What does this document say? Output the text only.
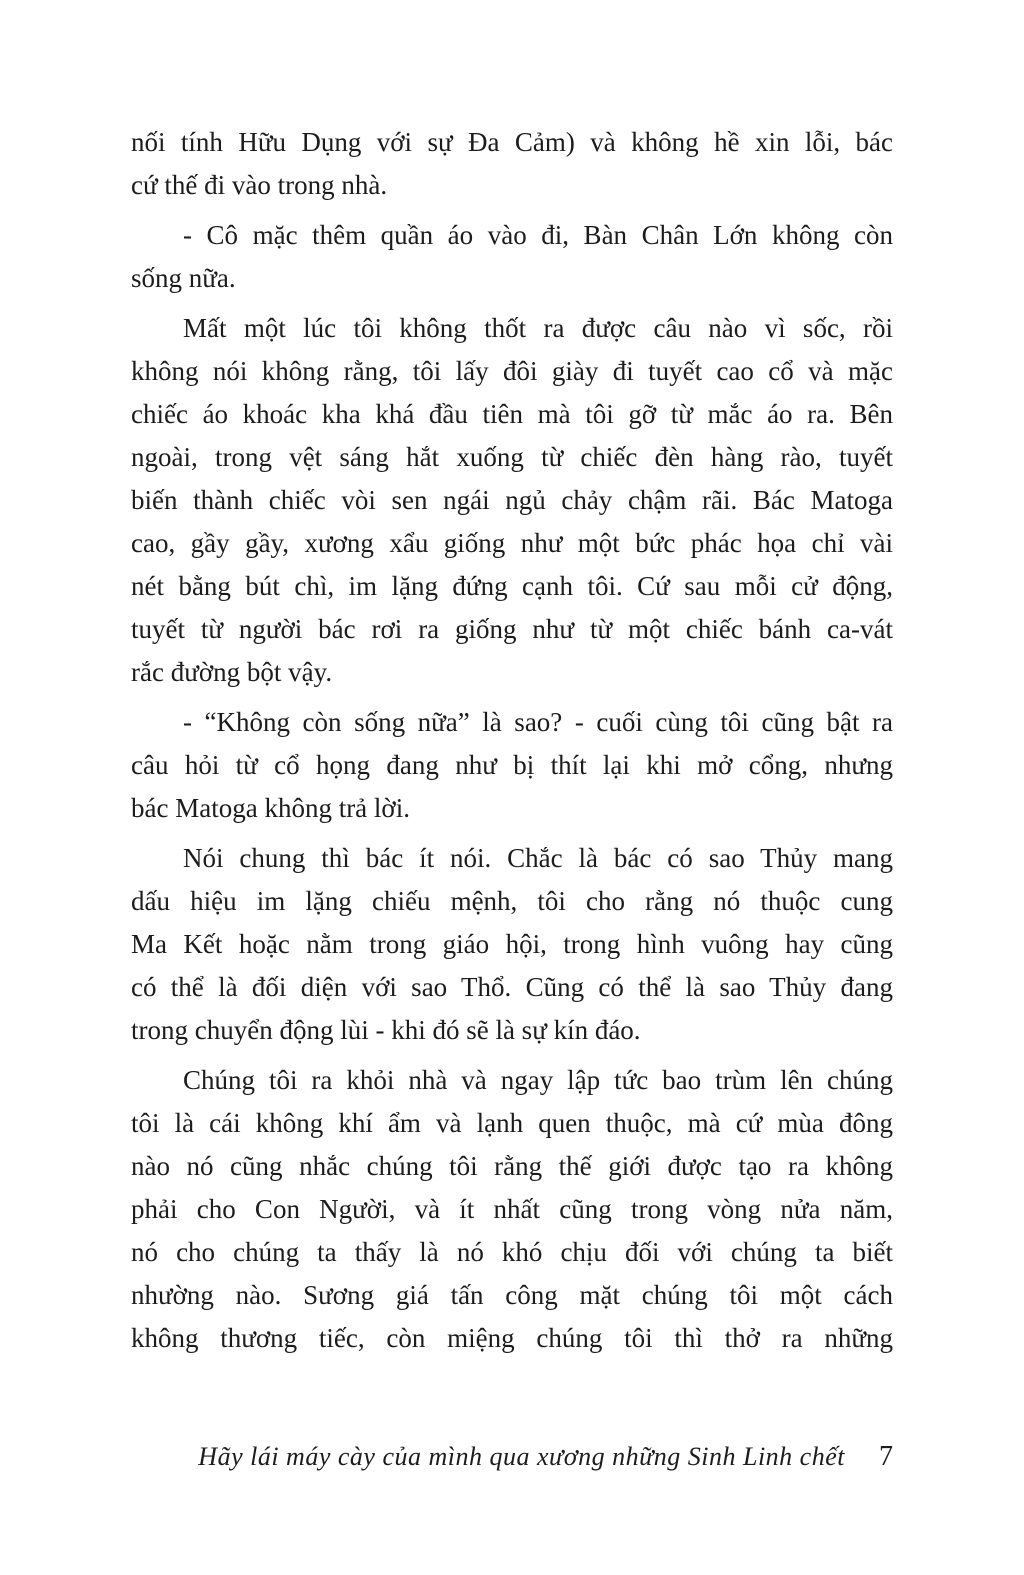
nối tính Hữu Dụng với sự Đa Cảm) và không hề xin lỗi, bác
cứ thế đi vào trong nhà.
- Cô mặc thêm quần áo vào đi, Bàn Chân Lớn không còn
sống nữa.
Mất một lúc tôi không thốt ra được câu nào vì sốc, rồi
không nói không rằng, tôi lấy đôi giày đi tuyết cao cổ và mặc
chiếc áo khoác kha khá đầu tiên mà tôi gỡ từ mắc áo ra. Bên
ngoài, trong vệt sáng hắt xuống từ chiếc đèn hàng rào, tuyết
biến thành chiếc vòi sen ngái ngủ chảy chậm rãi. Bác Matoga
cao, gầy gầy, xương xẩu giống như một bức phác họa chỉ vài
nét bằng bút chì, im lặng đứng cạnh tôi. Cứ sau mỗi cử động,
tuyết từ người bác rơi ra giống như từ một chiếc bánh ca-vát
rắc đường bột vậy.
- “Không còn sống nữa” là sao? - cuối cùng tôi cũng bật ra
câu hỏi từ cổ họng đang như bị thít lại khi mở cổng, nhưng
bác Matoga không trả lời.
Nói chung thì bác ít nói. Chắc là bác có sao Thủy mang
dấu hiệu im lặng chiếu mệnh, tôi cho rằng nó thuộc cung
Ma Kết hoặc nằm trong giáo hội, trong hình vuông hay cũng
có thể là đối diện với sao Thổ. Cũng có thể là sao Thủy đang
trong chuyển động lùi - khi đó sẽ là sự kín đáo.
Chúng tôi ra khỏi nhà và ngay lập tức bao trùm lên chúng
tôi là cái không khí ẩm và lạnh quen thuộc, mà cứ mùa đông
nào nó cũng nhắc chúng tôi rằng thế giới được tạo ra không
phải cho Con Người, và ít nhất cũng trong vòng nửa năm,
nó cho chúng ta thấy là nó khó chịu đối với chúng ta biết
nhường nào. Sương giá tấn công mặt chúng tôi một cách
không thương tiếc, còn miệng chúng tôi thì thở ra những
Hãy lái máy cày của mình qua xương những Sinh Linh chết 7
